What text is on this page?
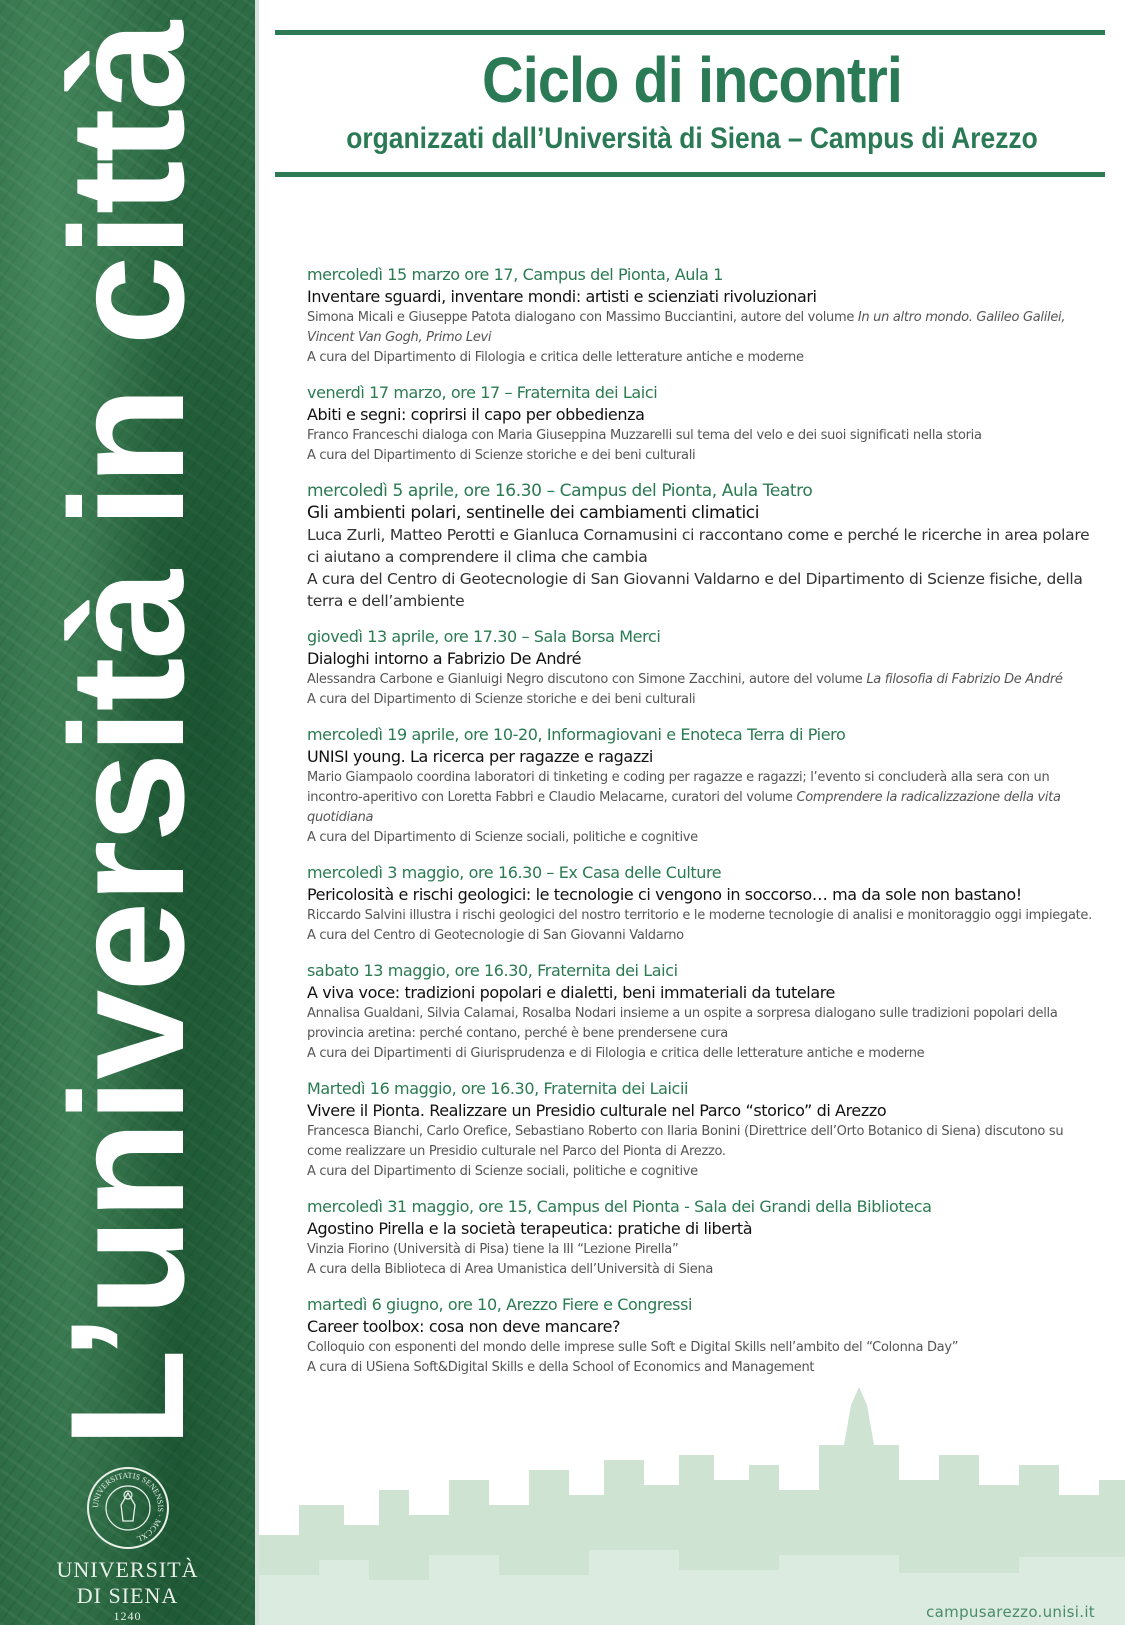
L’università in città
UNIVERSITATIS SENENSIS · MCCXL
UNIVERSITÀ
DI SIENA
1240
Ciclo di incontri
organizzati dall’Università di Siena – Campus di Arezzo
mercoledì 15 marzo ore 17, Campus del Pionta, Aula 1
Inventare sguardi, inventare mondi: artisti e scienziati rivoluzionari
Simona Micali e Giuseppe Patota dialogano con Massimo Bucciantini, autore del volume In un altro mondo. Galileo Galilei, Vincent Van Gogh, Primo Levi
A cura del Dipartimento di Filologia e critica delle letterature antiche e moderne
venerdì 17 marzo, ore 17 – Fraternita dei Laici
Abiti e segni: coprirsi il capo per obbedienza
Franco Franceschi dialoga con Maria Giuseppina Muzzarelli sul tema del velo e dei suoi significati nella storia
A cura del Dipartimento di Scienze storiche e dei beni culturali
mercoledì 5 aprile, ore 16.30 – Campus del Pionta, Aula Teatro
Gli ambienti polari, sentinelle dei cambiamenti climatici
Luca Zurli, Matteo Perotti e Gianluca Cornamusini ci raccontano come e perché le ricerche in area polare ci aiutano a comprendere il clima che cambia
A cura del Centro di Geotecnologie di San Giovanni Valdarno e del Dipartimento di Scienze fisiche, della terra e dell’ambiente
giovedì 13 aprile, ore 17.30 – Sala Borsa Merci
Dialoghi intorno a Fabrizio De André
Alessandra Carbone e Gianluigi Negro discutono con Simone Zacchini, autore del volume La filosofia di Fabrizio De André
A cura del Dipartimento di Scienze storiche e dei beni culturali
mercoledì 19 aprile, ore 10-20, Informagiovani e Enoteca Terra di Piero
UNISI young. La ricerca per ragazze e ragazzi
Mario Giampaolo coordina laboratori di tinketing e coding per ragazze e ragazzi; l’evento si concluderà alla sera con un incontro-aperitivo con Loretta Fabbri e Claudio Melacarne, curatori del volume Comprendere la radicalizzazione della vita quotidiana
A cura del Dipartimento di Scienze sociali, politiche e cognitive
mercoledì 3 maggio, ore 16.30 – Ex Casa delle Culture
Pericolosità e rischi geologici: le tecnologie ci vengono in soccorso… ma da sole non bastano!
Riccardo Salvini illustra i rischi geologici del nostro territorio e le moderne tecnologie di analisi e monitoraggio oggi impiegate.
A cura del Centro di Geotecnologie di San Giovanni Valdarno
sabato 13 maggio, ore 16.30, Fraternita dei Laici
A viva voce: tradizioni popolari e dialetti, beni immateriali da tutelare
Annalisa Gualdani, Silvia Calamai, Rosalba Nodari insieme a un ospite a sorpresa dialogano sulle tradizioni popolari della provincia aretina: perché contano, perché è bene prendersene cura
A cura dei Dipartimenti di Giurisprudenza e di Filologia e critica delle letterature antiche e moderne
Martedì 16 maggio, ore 16.30, Fraternita dei Laicii
Vivere il Pionta. Realizzare un Presidio culturale nel Parco “storico” di Arezzo
Francesca Bianchi, Carlo Orefice, Sebastiano Roberto con Ilaria Bonini (Direttrice dell’Orto Botanico di Siena) discutono su come realizzare un Presidio culturale nel Parco del Pionta di Arezzo.
A cura del Dipartimento di Scienze sociali, politiche e cognitive
mercoledì 31 maggio, ore 15, Campus del Pionta - Sala dei Grandi della Biblioteca
Agostino Pirella e la società terapeutica: pratiche di libertà
Vinzia Fiorino (Università di Pisa) tiene la III “Lezione Pirella”
A cura della Biblioteca di Area Umanistica dell’Università di Siena
martedì 6 giugno, ore 10, Arezzo Fiere e Congressi
Career toolbox: cosa non deve mancare?
Colloquio con esponenti del mondo delle imprese sulle Soft e Digital Skills nell’ambito del “Colonna Day”
A cura di USiena Soft&Digital Skills e della School of Economics and Management
campusarezzo.unisi.it
